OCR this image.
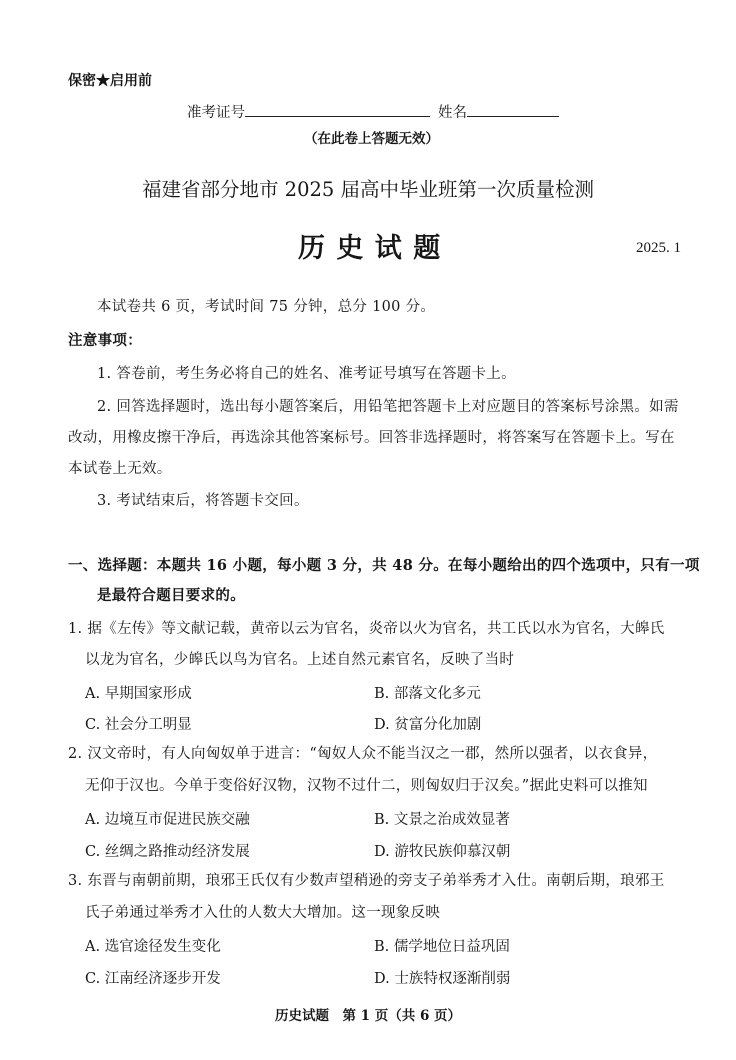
保密★启用前
准考证号	姓名
（在此卷上答题无效）
福建省部分地市 2025 届高中毕业班第一次质量检测
历 史 试 题	2025. 1
本试卷共 6 页，考试时间 75 分钟，总分 100 分。
注意事项：
1. 答卷前，考生务必将自己的姓名、准考证号填写在答题卡上。
2. 回答选择题时，选出每小题答案后，用铅笔把答题卡上对应题目的答案标号涂黑。如需
改动，用橡皮擦干净后，再选涂其他答案标号。回答非选择题时，将答案写在答题卡上。写在
本试卷上无效。
3. 考试结束后，将答题卡交回。
一、选择题：本题共 16 小题，每小题 3 分，共 48 分。在每小题给出的四个选项中，只有一项
是最符合题目要求的。
1. 据《左传》等文献记载，黄帝以云为官名，炎帝以火为官名，共工氏以水为官名，大皞氏
以龙为官名，少皞氏以鸟为官名。上述自然元素官名，反映了当时
A. 早期国家形成	B. 部落文化多元
C. 社会分工明显	D. 贫富分化加剧
2. 汉文帝时，有人向匈奴单于进言：“匈奴人众不能当汉之一郡，然所以强者，以衣食异，
无仰于汉也。今单于变俗好汉物，汉物不过什二，则匈奴归于汉矣。”据此史料可以推知
A. 边境互市促进民族交融	B. 文景之治成效显著
C. 丝绸之路推动经济发展	D. 游牧民族仰慕汉朝
3. 东晋与南朝前期，琅邪王氏仅有少数声望稍逊的旁支子弟举秀才入仕。南朝后期，琅邪王
氏子弟通过举秀才入仕的人数大大增加。这一现象反映
A. 选官途径发生变化	B. 儒学地位日益巩固
C. 江南经济逐步开发	D. 士族特权逐渐削弱
历史试题　第 1 页（共 6 页）
